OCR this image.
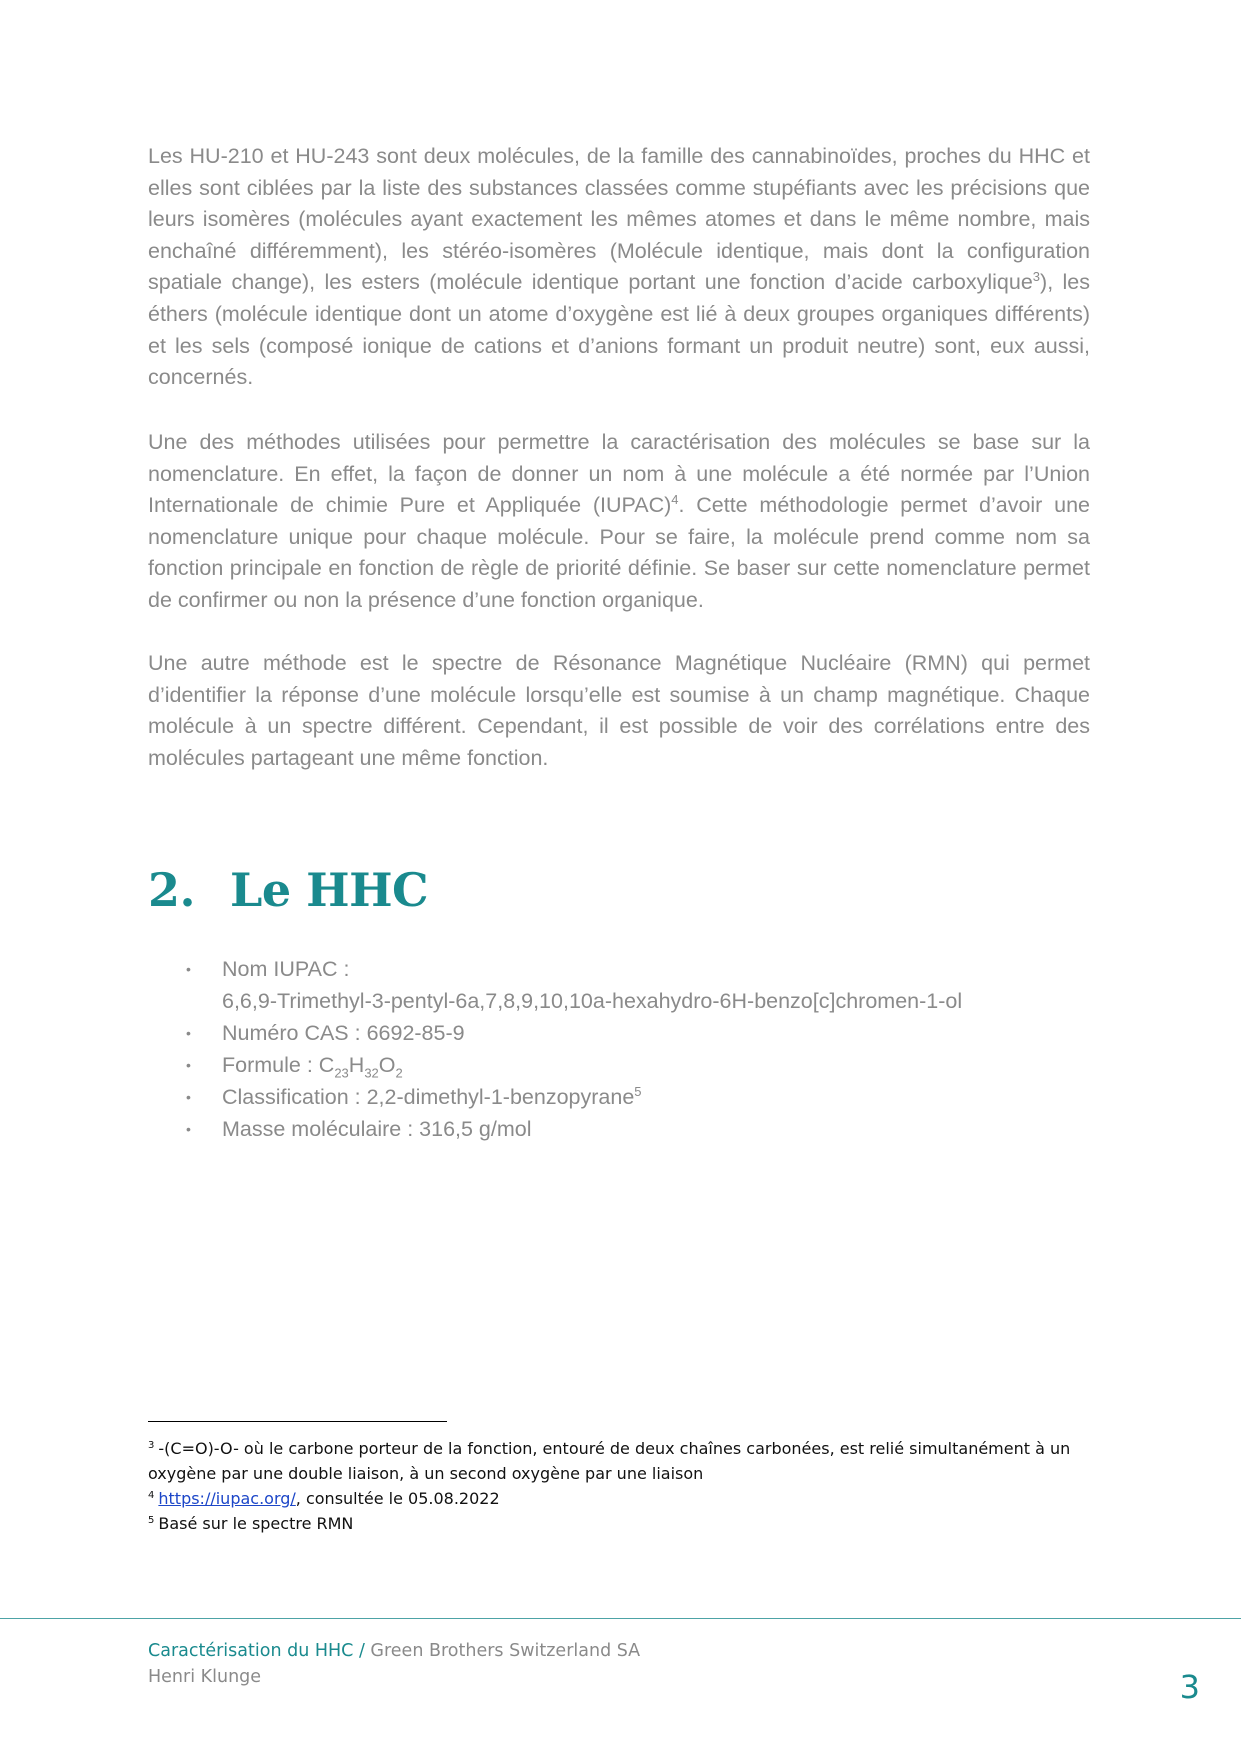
Les HU-210 et HU-243 sont deux molécules, de la famille des cannabinoïdes, proches du HHC et elles sont ciblées par la liste des substances classées comme stupéfiants avec les précisions que leurs isomères (molécules ayant exactement les mêmes atomes et dans le même nombre, mais enchaîné différemment), les stéréo-isomères (Molécule identique, mais dont la configuration spatiale change), les esters (molécule identique portant une fonction d’acide carboxylique$^3$), les éthers (molécule identique dont un atome d’oxygène est lié à deux groupes organiques différents) et les sels (composé ionique de cations et d’anions formant un produit neutre) sont, eux aussi, concernés.

Une des méthodes utilisées pour permettre la caractérisation des molécules se base sur la nomenclature. En effet, la façon de donner un nom à une molécule a été normée par l’Union Internationale de chimie Pure et Appliquée (IUPAC)$^4$. Cette méthodologie permet d’avoir une nomenclature unique pour chaque molécule. Pour se faire, la molécule prend comme nom sa fonction principale en fonction de règle de priorité définie. Se baser sur cette nomenclature permet de confirmer ou non la présence d’une fonction organique.

Une autre méthode est le spectre de Résonance Magnétique Nucléaire (RMN) qui permet d’identifier la réponse d’une molécule lorsqu’elle est soumise à un champ magnétique. Chaque molécule à un spectre différent. Cependant, il est possible de voir des corrélations entre des molécules partageant une même fonction.

2. Le HHC
• Nom IUPAC :
6,6,9-Trimethyl-3-pentyl-6a,7,8,9,10,10a-hexahydro-6H-benzo[c]chromen-1-ol
• Numéro CAS : 6692-85-9
• Formule : $C_{23}H_{32}O_2$
• Classification : 2,2-dimethyl-1-benzopyrane$^5$
• Masse moléculaire : 316,5 g/mol

$^3$ -(C=O)-O- où le carbone porteur de la fonction, entouré de deux chaînes carbonées, est relié simultanément à un oxygène par une double liaison, à un second oxygène par une liaison

$^4$ https://iupac.org/, consultée le 05.08.2022

$^5$ Basé sur le spectre RMN

Caractérisation du HHC / Green Brothers Switzerland SA
Henri Klunge	3
